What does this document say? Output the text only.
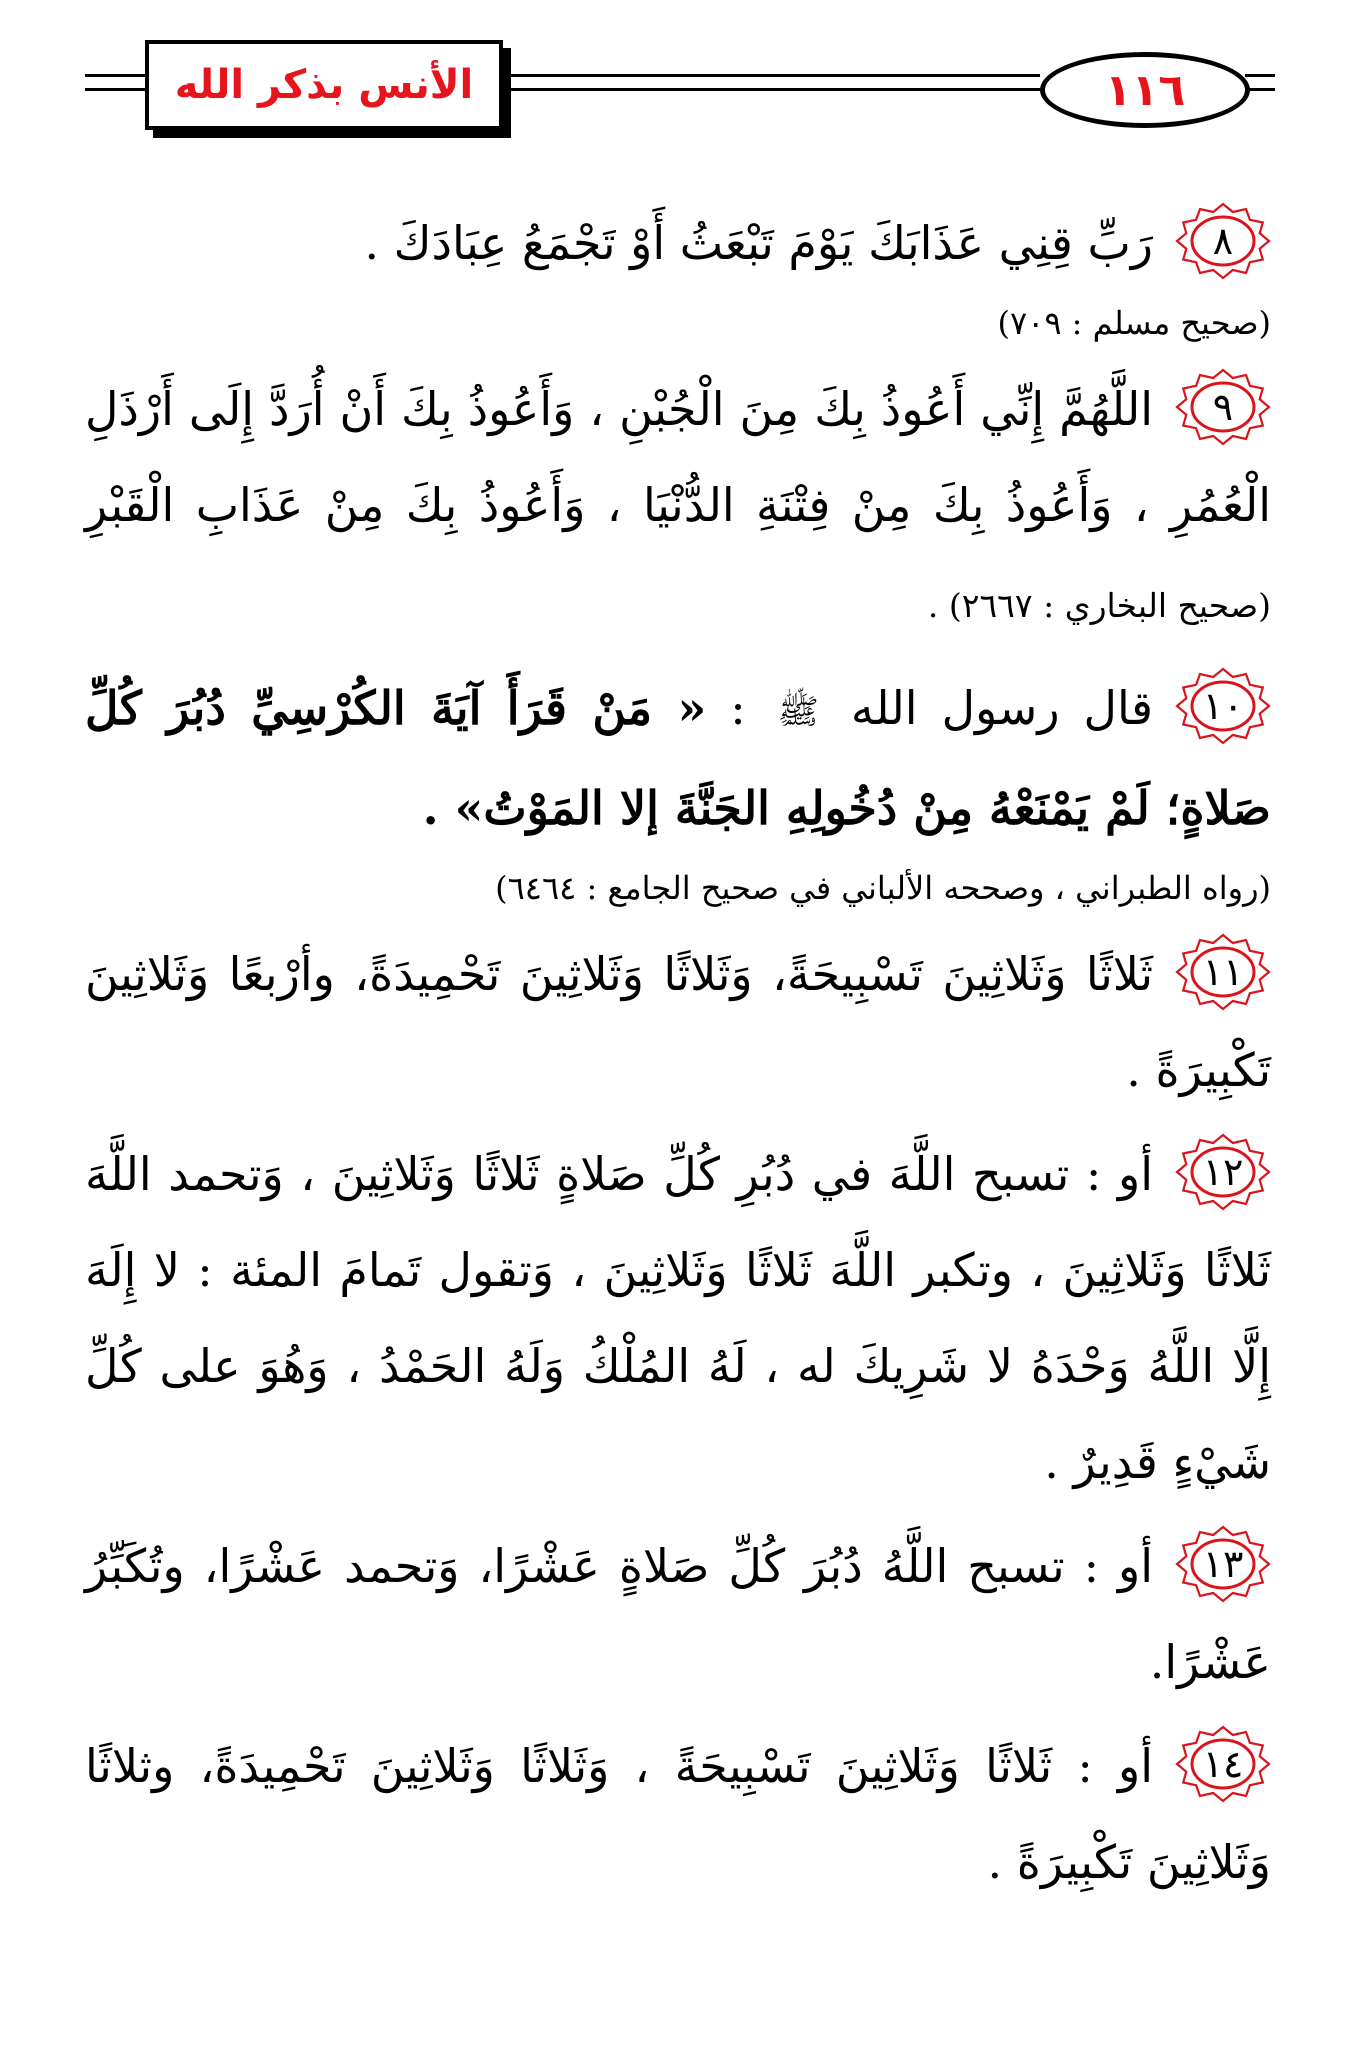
الأنس بذكر الله	١١٦

٨
رَبِّ قِنِي عَذَابَكَ يَوْمَ تَبْعَثُ أَوْ تَجْمَعُ عِبَادَكَ .

(صحيح مسلم : ٧٠٩)

٩
اللَّهُمَّ إِنِّي أَعُوذُ بِكَ مِنَ الْجُبْنِ ، وَأَعُوذُ بِكَ أَنْ أُرَدَّ إِلَى أَرْذَلِ الْعُمُرِ ، وَأَعُوذُ بِكَ مِنْ فِتْنَةِ الدُّنْيَا ، وَأَعُوذُ بِكَ مِنْ عَذَابِ الْقَبْرِ (صحيح البخاري : ٢٦٦٧) .

١٠
قال رسول الله ﷺ : « مَنْ قَرَأَ آيَةَ الكُرْسِيِّ دُبُرَ كُلِّ صَلاةٍ؛ لَمْ يَمْنَعْهُ مِنْ دُخُولِهِ الجَنَّةَ إلا المَوْتُ» .

(رواه الطبراني ، وصححه الألباني في صحيح الجامع : ٦٤٦٤)

١١
ثَلاثًا وَثَلاثِينَ تَسْبِيحَةً، وَثَلاثًا وَثَلاثِينَ تَحْمِيدَةً، وأرْبعًا وَثَلاثِينَ تَكْبِيرَةً .

١٢
أو : تسبح اللَّهَ في دُبُرِ كُلِّ صَلاةٍ ثَلاثًا وَثَلاثِينَ ، وَتحمد اللَّهَ ثَلاثًا وَثَلاثِينَ ، وتكبر اللَّهَ ثَلاثًا وَثَلاثِينَ ، وَتقول تَمامَ المئة : لا إِلَهَ إِلَّا اللَّهُ وَحْدَهُ لا شَرِيكَ له ، لَهُ المُلْكُ وَلَهُ الحَمْدُ ، وَهُوَ على كُلِّ شَيْءٍ قَدِيرٌ .

١٣
أو : تسبح اللَّهُ دُبُرَ كُلِّ صَلاةٍ عَشْرًا، وَتحمد عَشْرًا، وتُكَبِّرُ عَشْرًا.

١٤
أو : ثَلاثًا وَثَلاثِينَ تَسْبِيحَةً ، وَثَلاثًا وَثَلاثِينَ تَحْمِيدَةً، وثلاثًا وَثَلاثِينَ تَكْبِيرَةً .
